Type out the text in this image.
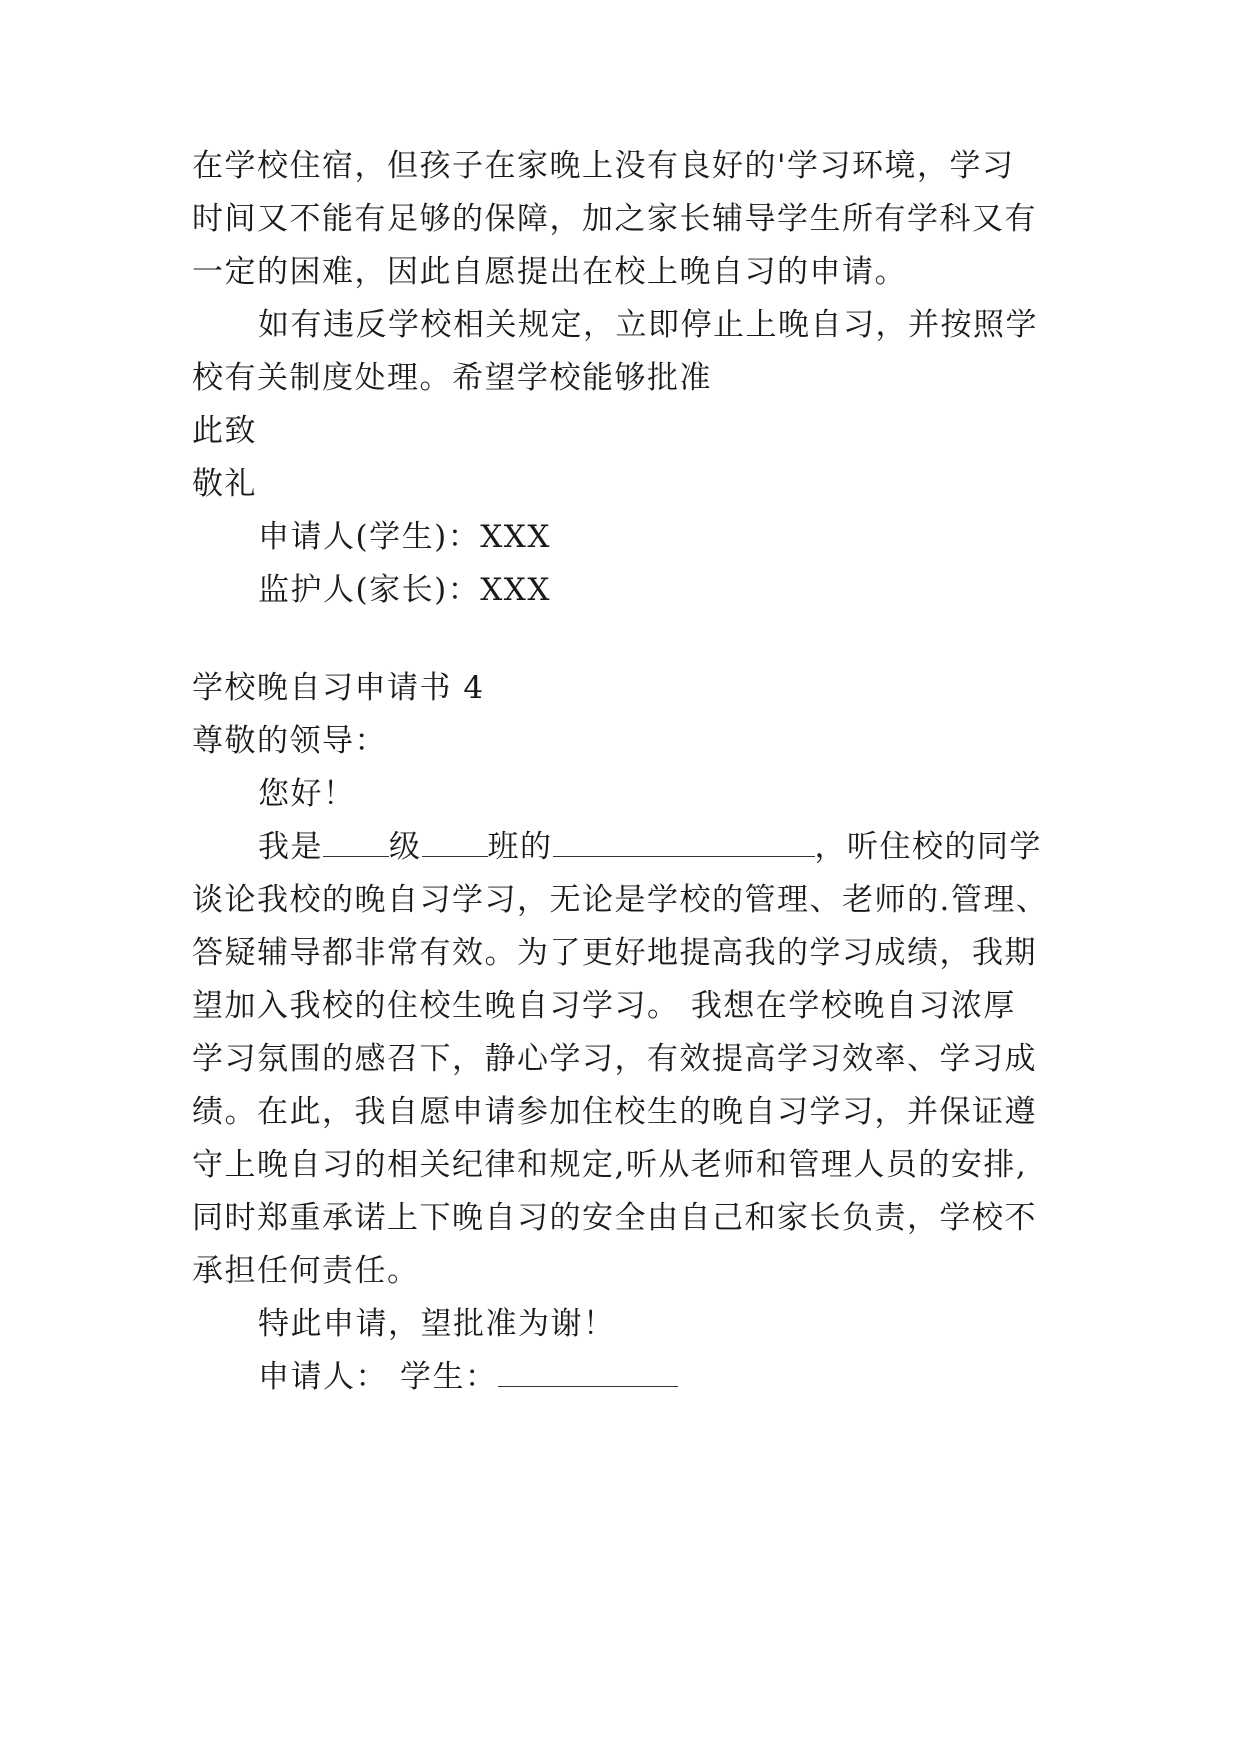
在学校住宿，但孩子在家晚上没有良好的'学习环境，学习
时间又不能有足够的保障，加之家长辅导学生所有学科又有
一定的困难，因此自愿提出在校上晚自习的申请。
如有违反学校相关规定，立即停止上晚自习，并按照学
校有关制度处理。希望学校能够批准
此致
敬礼
申请人(学生)：XXX
监护人(家长)：XXX
学校晚自习申请书 4
尊敬的领导：
您好！
我是 级 班的	，听住校的同学
谈论我校的晚自习学习，无论是学校的管理、老师的.管理、
答疑辅导都非常有效。为了更好地提高我的学习成绩，我期
望加入我校的住校生晚自习学习。 我想在学校晚自习浓厚
学习氛围的感召下，静心学习，有效提高学习效率、学习成
绩。在此，我自愿申请参加住校生的晚自习学习，并保证遵
守上晚自习的相关纪律和规定,听从老师和管理人员的安排,
同时郑重承诺上下晚自习的安全由自己和家长负责，学校不
承担任何责任。
特此申请，望批准为谢！
申请人： 学生：
